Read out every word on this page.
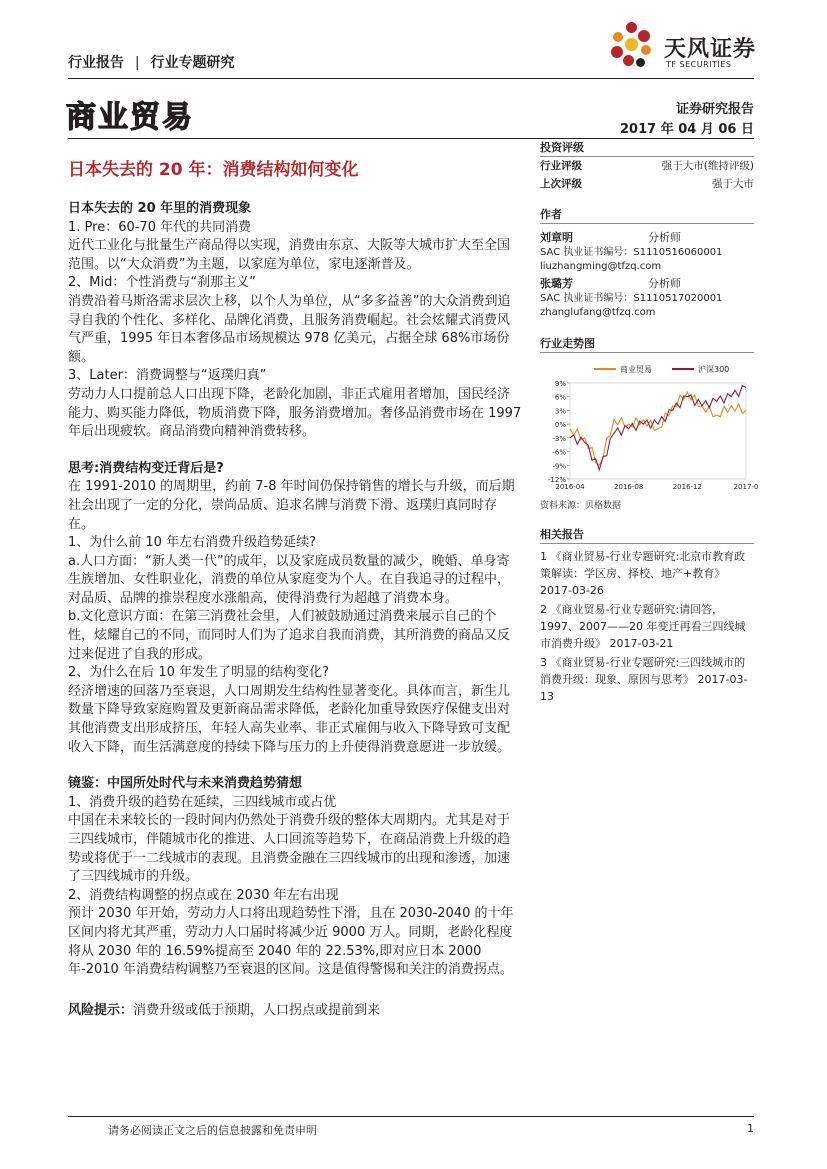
行业报告 | 行业专题研究
天风证券
TF SECURITIES
商业贸易	证券研究报告
2017 年 04 月 06 日
日本失去的 20 年：消费结构如何变化

日本失去的 20 年里的消费现象

1. Pre：60-70 年代的共同消费

近代工业化与批量生产商品得以实现，消费由东京、大阪等大城市扩大至全国范围。以“大众消费”为主题，以家庭为单位，家电逐渐普及。

2、Mid：个性消费与“刹那主义”

消费沿着马斯洛需求层次上移，以个人为单位，从“多多益善”的大众消费到追寻自我的个性化、多样化、品牌化消费，且服务消费崛起。社会炫耀式消费风气严重，1995 年日本奢侈品市场规模达 978 亿美元，占据全球 68%市场份额。

3、Later：消费调整与“返璞归真”

劳动力人口提前总人口出现下降，老龄化加剧，非正式雇用者增加，国民经济能力、购买能力降低，物质消费下降，服务消费增加。奢侈品消费市场在 1997 年后出现疲软。商品消费向精神消费转移。

思考:消费结构变迁背后是?

在 1991-2010 的周期里，约前 7-8 年时间仍保持销售的增长与升级，而后期社会出现了一定的分化，崇尚品质、追求名牌与消费下滑、返璞归真同时存在。

1、为什么前 10 年左右消费升级趋势延续?

a.人口方面：“新人类一代”的成年，以及家庭成员数量的减少，晚婚、单身寄生族增加、女性职业化，消费的单位从家庭变为个人。在自我追寻的过程中，对品质、品牌的推崇程度水涨船高，使得消费行为超越了消费本身。

b.文化意识方面：在第三消费社会里，人们被鼓励通过消费来展示自己的个性，炫耀自己的不同，而同时人们为了追求自我而消费，其所消费的商品又反过来促进了自我的形成。

2、为什么在后 10 年发生了明显的结构变化?

经济增速的回落乃至衰退，人口周期发生结构性显著变化。具体而言，新生儿数量下降导致家庭购置及更新商品需求降低，老龄化加重导致医疗保健支出对其他消费支出形成挤压，年轻人高失业率、非正式雇佣与收入下降导致可支配收入下降，而生活满意度的持续下降与压力的上升使得消费意愿进一步放缓。

镜鉴：中国所处时代与未来消费趋势猜想

1、消费升级的趋势在延续，三四线城市或占优

中国在未来较长的一段时间内仍然处于消费升级的整体大周期内。尤其是对于三四线城市，伴随城市化的推进、人口回流等趋势下，在商品消费上升级的趋势或将优于一二线城市的表现。且消费金融在三四线城市的出现和渗透，加速了三四线城市的升级。

2、消费结构调整的拐点或在 2030 年左右出现

预计 2030 年开始，劳动力人口将出现趋势性下滑，且在 2030-2040 的十年区间内将尤其严重，劳动力人口届时将减少近 9000 万人。同期，老龄化程度将从 2030 年的 16.59%提高至 2040 年的 22.53%,即对应日本 2000 年-2010 年消费结构调整乃至衰退的区间。这是值得警惕和关注的消费拐点。

风险提示：消费升级或低于预期，人口拐点或提前到来

投资评级
行业评级	强于大市(维持评级)
上次评级	强于大市
作者
刘章明	分析师
SAC 执业证书编号：S1110516060001
liuzhangming@tfzq.com
张璐芳	分析师
SAC 执业证书编号：S1110517020001
zhanglufang@tfzq.com
行业走势图
9%
6%
3%
0%
-3%
-6%
-9%
-12%
2016-04	2016-08	2016-12	2017-0
商业贸易	沪深300
资料来源：贝格数据
相关报告
1 《商业贸易-行业专题研究:北京市教育政策解读：学区房、择校、地产+教育》 2017-03-26
2 《商业贸易-行业专题研究:请回答，1997、2007——20 年变迁再看三四线城市消费升级》 2017-03-21
3 《商业贸易-行业专题研究:三四线城市的消费升级：现象、原因与思考》 2017-03-13
请务必阅读正文之后的信息披露和免责申明	1
